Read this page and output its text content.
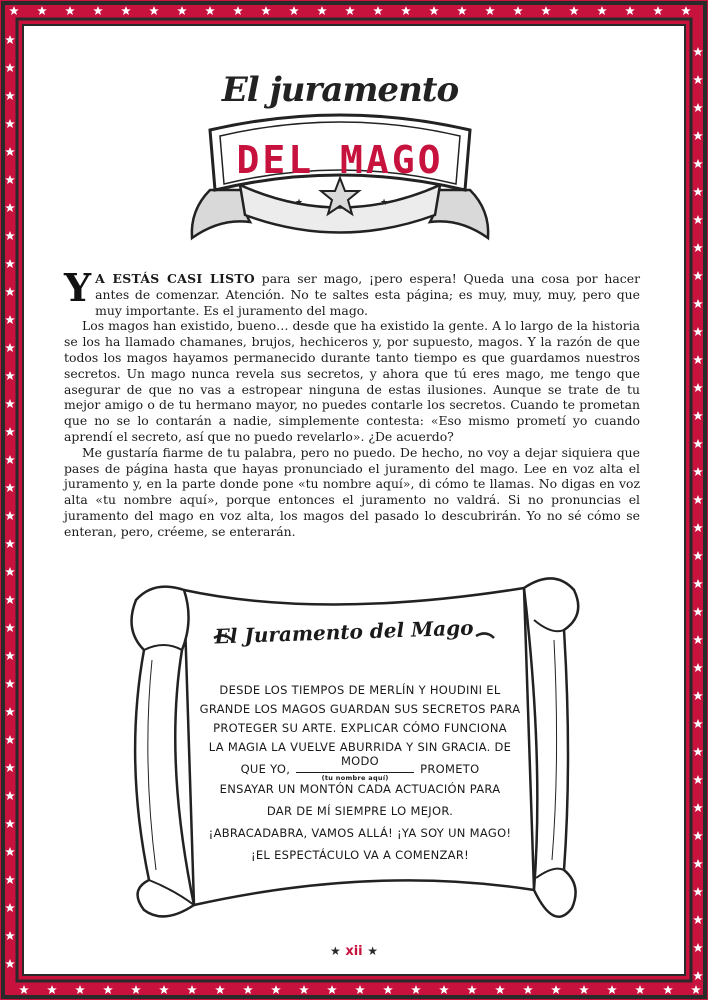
★	★
El juramento
DEL MAGO

Y A ESTÁS CASI LISTO para ser mago, ¡pero espera! Queda una cosa por hacer antes de comenzar. Atención. No te saltes esta página; es muy, muy, muy, pero que muy importante. Es el juramento del mago.

Los magos han existido, bueno… desde que ha existido la gente. A lo largo de la historia se los ha llamado chamanes, brujos, hechiceros y, por supuesto, magos. Y la razón de que todos los magos hayamos permanecido durante tanto tiempo es que guardamos nuestros secretos. Un mago nunca revela sus secretos, y ahora que tú eres mago, me tengo que asegurar de que no vas a estropear ninguna de estas ilusiones. Aunque se trate de tu mejor amigo o de tu hermano mayor, no puedes contarle los secretos. Cuando te prometan que no se lo contarán a nadie, simplemente contesta: «Eso mismo prometí yo cuando aprendí el secreto, así que no puedo revelarlo». ¿De acuerdo?

Me gustaría fiarme de tu palabra, pero no puedo. De hecho, no voy a dejar siquiera que pases de página hasta que hayas pronunciado el juramento del mago. Lee en voz alta el juramento y, en la parte donde pone «tu nombre aquí», di cómo te llamas. No digas en voz alta «tu nombre aquí», porque entonces el juramento no valdrá. Si no pronuncias el juramento del mago en voz alta, los magos del pasado lo descubrirán. Yo no sé cómo se enteran, pero, créeme, se enterarán.

El Juramento del Mago
DESDE LOS TIEMPOS DE MERLÍN Y HOUDINI EL
GRANDE LOS MAGOS GUARDAN SUS SECRETOS PARA
PROTEGER SU ARTE. EXPLICAR CÓMO FUNCIONA
LA MAGIA LA VUELVE ABURRIDA Y SIN GRACIA. DE MODO
QUE YO,
(tu nombre aquí)
PROMETO
ENSAYAR UN MONTÓN CADA ACTUACIÓN PARA
DAR DE MÍ SIEMPRE LO MEJOR.
¡ABRACADABRA, VAMOS ALLÁ! ¡YA SOY UN MAGO!
¡EL ESPECTÁCULO VA A COMENZAR!
★ xii ★
